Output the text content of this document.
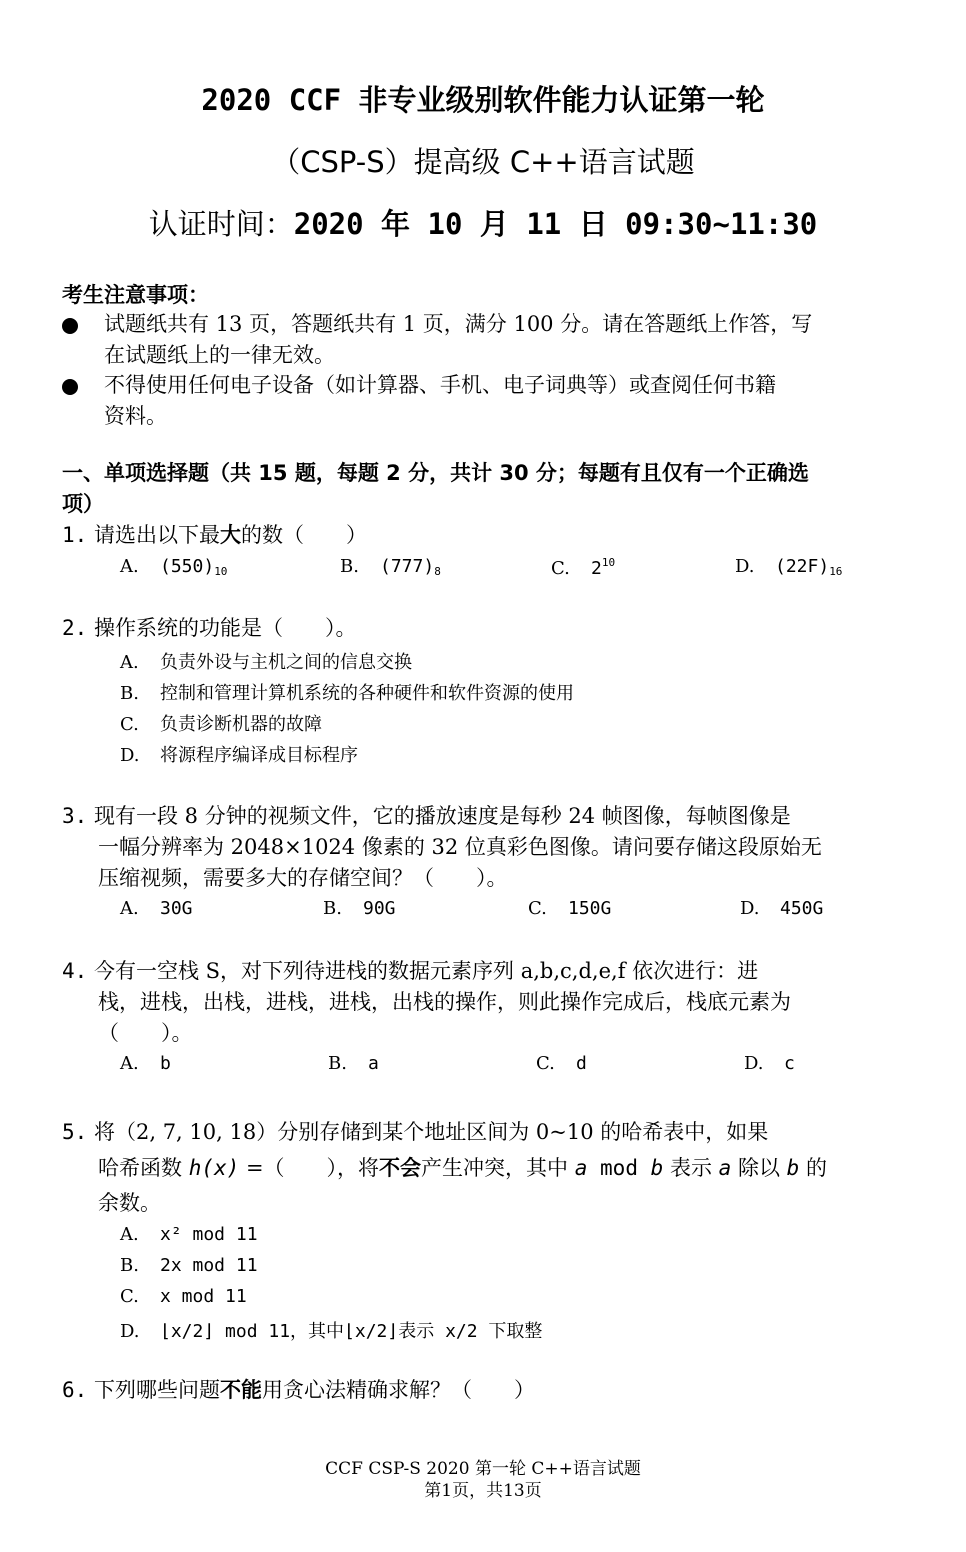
2020 CCF 非专业级别软件能力认证第一轮
（CSP-S）提高级 C++语言试题
认证时间：2020 年 10 月 11 日 09:30~11:30
考生注意事项：
试题纸共有 13 页，答题纸共有 1 页，满分 100 分。请在答题纸上作答，写
在试题纸上的一律无效。
不得使用任何电子设备（如计算器、手机、电子词典等）或查阅任何书籍
资料。
一、单项选择题（共 15 题，每题 2 分，共计 30 分；每题有且仅有一个正确选
项）
1. 请选出以下最大的数（　　）
A. $(550)_{10}$	B. $(777)_8$	C. $2^{10}$	D. $(22F)_{16}$
2. 操作系统的功能是（　　）。
A. 负责外设与主机之间的信息交换
B. 控制和管理计算机系统的各种硬件和软件资源的使用
C. 负责诊断机器的故障
D. 将源程序编译成目标程序
3. 现有一段 8 分钟的视频文件，它的播放速度是每秒 24 帧图像，每帧图像是
一幅分辨率为 2048×1024 像素的 32 位真彩色图像。请问要存储这段原始无
压缩视频，需要多大的存储空间？（　　）。
A. 30G	B. 90G	C. 150G	D. 450G
4. 今有一空栈 S，对下列待进栈的数据元素序列 a,b,c,d,e,f 依次进行：进
栈，进栈，出栈，进栈，进栈，出栈的操作，则此操作完成后，栈底元素为
（　　）。
A. b	B. a	C. d	D. c
5. 将（2, 7, 10, 18）分别存储到某个地址区间为 0~10 的哈希表中，如果
哈希函数 h(x) =（　　），将不会产生冲突，其中 a mod b 表示 a 除以 b 的
余数。
A. x² mod 11
B. 2x mod 11
C. x mod 11
D. ⌊x/2⌋ mod 11，其中⌊x/2⌋表示 x/2 下取整
6. 下列哪些问题不能用贪心法精确求解？（　　）
CCF CSP-S 2020 第一轮 C++语言试题
第1页，共13页
